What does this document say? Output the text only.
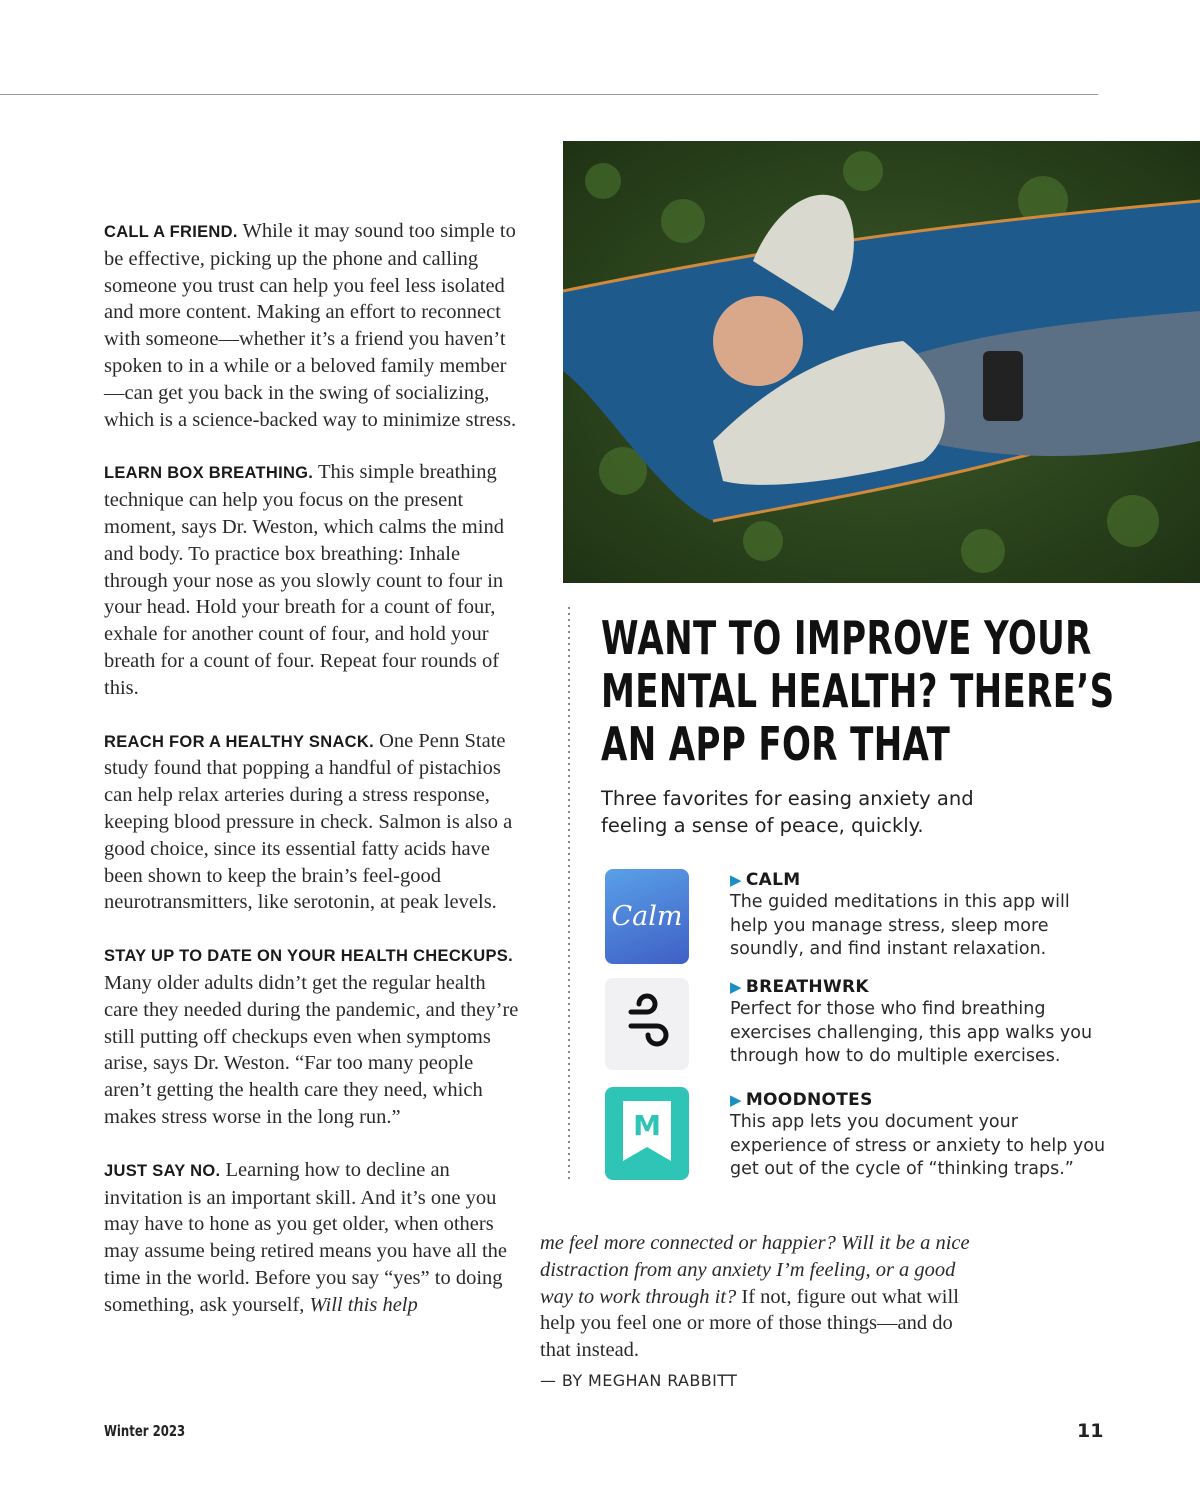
CALL A FRIEND. While it may sound too simple to be effective, picking up the phone and calling someone you trust can help you feel less isolated and more content. Making an effort to reconnect with someone—whether it’s a friend you haven’t spoken to in a while or a beloved family member—can get you back in the swing of socializing, which is a science-backed way to minimize stress.

LEARN BOX BREATHING. This simple breathing technique can help you focus on the present moment, says Dr. Weston, which calms the mind and body. To practice box breathing: Inhale through your nose as you slowly count to four in your head. Hold your breath for a count of four, exhale for another count of four, and hold your breath for a count of four. Repeat four rounds of this.

REACH FOR A HEALTHY SNACK. One Penn State study found that popping a handful of pistachios can help relax arteries during a stress response, keeping blood pressure in check. Salmon is also a good choice, since its essential fatty acids have been shown to keep the brain’s feel-good neurotransmitters, like serotonin, at peak levels.

STAY UP TO DATE ON YOUR HEALTH CHECKUPS. Many older adults didn’t get the regular health care they needed during the pandemic, and they’re still putting off checkups even when symptoms arise, says Dr. Weston. “Far too many people aren’t getting the health care they need, which makes stress worse in the long run.”

JUST SAY NO. Learning how to decline an invitation is an important skill. And it’s one you may have to hone as you get older, when others may assume being retired means you have all the time in the world. Before you say “yes” to doing something, ask yourself, Will this help

WANT TO IMPROVE YOUR
MENTAL HEALTH? THERE’S
AN APP FOR THAT
Three favorites for easing anxiety and feeling a sense of peace, quickly.
Calm
▶ CALM
The guided meditations in this app will help you manage stress, sleep more soundly, and find instant relaxation.
▶ BREATHWRK
Perfect for those who find breathing exercises challenging, this app walks you through how to do multiple exercises.
M
▶ MOODNOTES
This app lets you document your experience of stress or anxiety to help you get out of the cycle of “thinking traps.”
me feel more connected or happier? Will it be a nice distraction from any anxiety I’m feeling, or a good way to work through it? If not, figure out what will help you feel one or more of those things—and do that instead.
— BY MEGHAN RABBITT
Winter 2023	11
